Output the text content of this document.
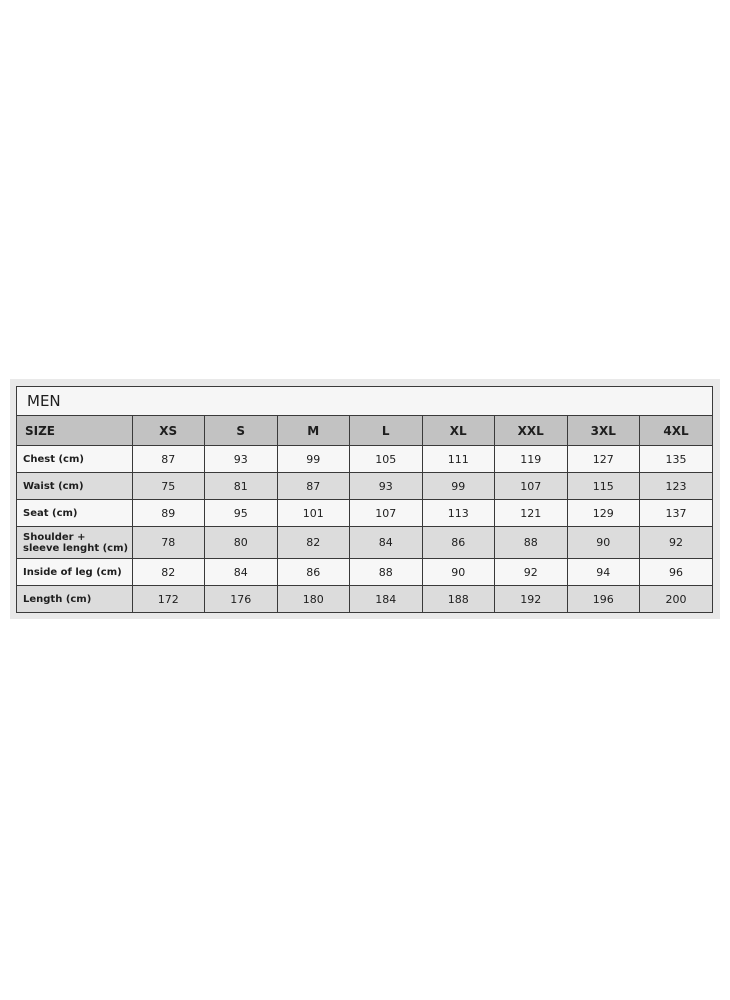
MEN
SIZE	XS	S	M	L	XL	XXL	3XL	4XL
Chest (cm)	87	93	99	105	111	119	127	135
Waist (cm)	75	81	87	93	99	107	115	123
Seat (cm)	89	95	101	107	113	121	129	137

Shoulder +
sleeve lenght (cm)	78	80	82	84	86	88	90	92
Inside of leg (cm)	82	84	86	88	90	92	94	96
Length (cm)	172	176	180	184	188	192	196	200
